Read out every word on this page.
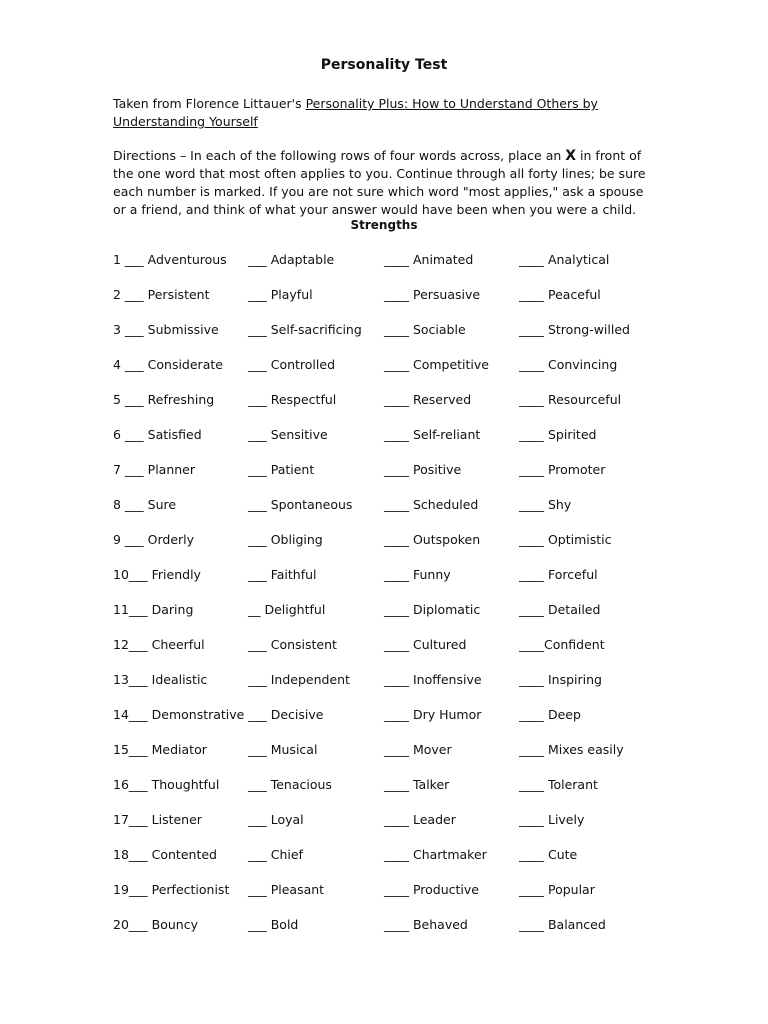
Personality Test
Taken from Florence Littauer's Personality Plus: How to Understand Others by Understanding Yourself
Directions – In each of the following rows of four words across, place an X in front of the one word that most often applies to you. Continue through all forty lines; be sure each number is marked. If you are not sure which word "most applies," ask a spouse or a friend, and think of what your answer would have been when you were a child.
Strengths
1 ___ Adventurous ___ Adaptable	____ Animated	____ Analytical
2 ___ Persistent	___ Playful	____ Persuasive	____ Peaceful
3 ___ Submissive ___ Self-sacrificing ____ Sociable	____ Strong-willed
4 ___ Considerate ___ Controlled	____ Competitive ____ Convincing
5 ___ Refreshing	___ Respectful	____ Reserved	____ Resourceful
6 ___ Satisfied	___ Sensitive	____ Self-reliant	____ Spirited
7 ___ Planner	___ Patient	____ Positive	____ Promoter
8 ___ Sure	___ Spontaneous	____ Scheduled	____ Shy
9 ___ Orderly	___ Obliging	____ Outspoken	____ Optimistic
10___ Friendly	___ Faithful	____ Funny	____ Forceful
11___ Daring	__ Delightful	____ Diplomatic	____ Detailed
12___ Cheerful	___ Consistent	____ Cultured	____Confident
13___ Idealistic	___ Independent	____ Inoffensive	____ Inspiring
14___ Demonstrative ___ Decisive	____ Dry Humor	____ Deep
15___ Mediator	___ Musical	____ Mover	____ Mixes easily
16___ Thoughtful ___ Tenacious	____ Talker	____ Tolerant
17___ Listener	___ Loyal	____ Leader	____ Lively
18___ Contented ___ Chief	____ Chartmaker	____ Cute
19___ Perfectionist ___ Pleasant	____ Productive	____ Popular
20___ Bouncy	___ Bold	____ Behaved	____ Balanced
